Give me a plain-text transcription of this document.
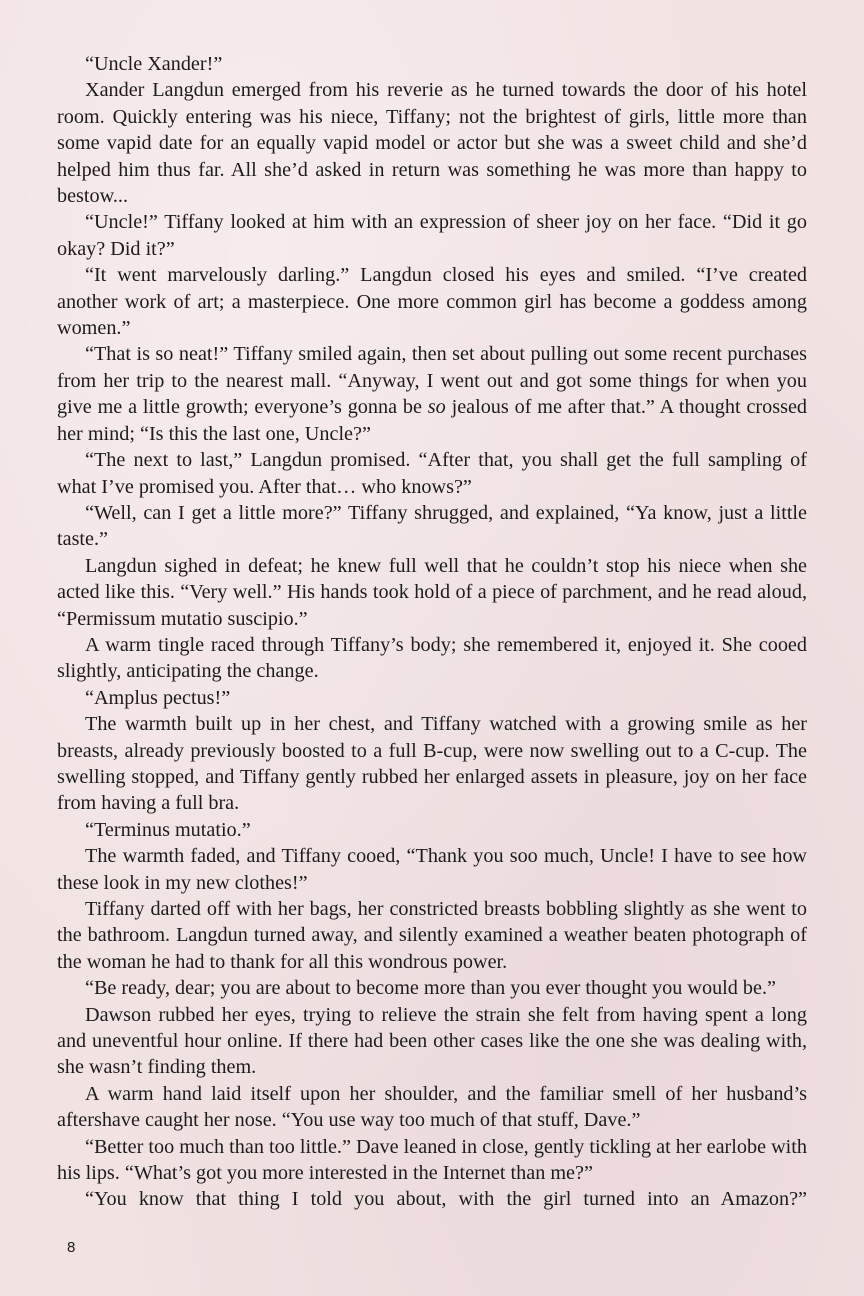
“Uncle Xander!”

Xander Langdun emerged from his reverie as he turned towards the door of his hotel room. Quickly entering was his niece, Tiffany; not the brightest of girls, little more than some vapid date for an equally vapid model or actor but she was a sweet child and she’d helped him thus far. All she’d asked in return was something he was more than happy to bestow...

“Uncle!” Tiffany looked at him with an expression of sheer joy on her face. “Did it go okay? Did it?”

“It went marvelously darling.” Langdun closed his eyes and smiled. “I’ve created another work of art; a masterpiece. One more common girl has become a goddess among women.”

“That is so neat!” Tiffany smiled again, then set about pulling out some recent purchases from her trip to the nearest mall. “Anyway, I went out and got some things for when you give me a little growth; everyone’s gonna be so jealous of me after that.” A thought crossed her mind; “Is this the last one, Uncle?”

“The next to last,” Langdun promised. “After that, you shall get the full sampling of what I’ve promised you. After that… who knows?”

“Well, can I get a little more?” Tiffany shrugged, and explained, “Ya know, just a little taste.”

Langdun sighed in defeat; he knew full well that he couldn’t stop his niece when she acted like this. “Very well.” His hands took hold of a piece of parchment, and he read aloud, “Permissum mutatio suscipio.”

A warm tingle raced through Tiffany’s body; she remembered it, enjoyed it. She cooed slightly, anticipating the change.

“Amplus pectus!”

The warmth built up in her chest, and Tiffany watched with a growing smile as her breasts, already previously boosted to a full B-cup, were now swelling out to a C-cup. The swelling stopped, and Tiffany gently rubbed her enlarged assets in pleasure, joy on her face from having a full bra.

“Terminus mutatio.”

The warmth faded, and Tiffany cooed, “Thank you soo much, Uncle! I have to see how these look in my new clothes!”

Tiffany darted off with her bags, her constricted breasts bobbling slightly as she went to the bathroom. Langdun turned away, and silently examined a weather beaten photograph of the woman he had to thank for all this wondrous power.

“Be ready, dear; you are about to become more than you ever thought you would be.”

Dawson rubbed her eyes, trying to relieve the strain she felt from having spent a long and uneventful hour online. If there had been other cases like the one she was dealing with, she wasn’t finding them.

A warm hand laid itself upon her shoulder, and the familiar smell of her husband’s aftershave caught her nose. “You use way too much of that stuff, Dave.”

“Better too much than too little.” Dave leaned in close, gently tickling at her earlobe with his lips. “What’s got you more interested in the Internet than me?”

“You know that thing I told you about, with the girl turned into an Amazon?”

8
